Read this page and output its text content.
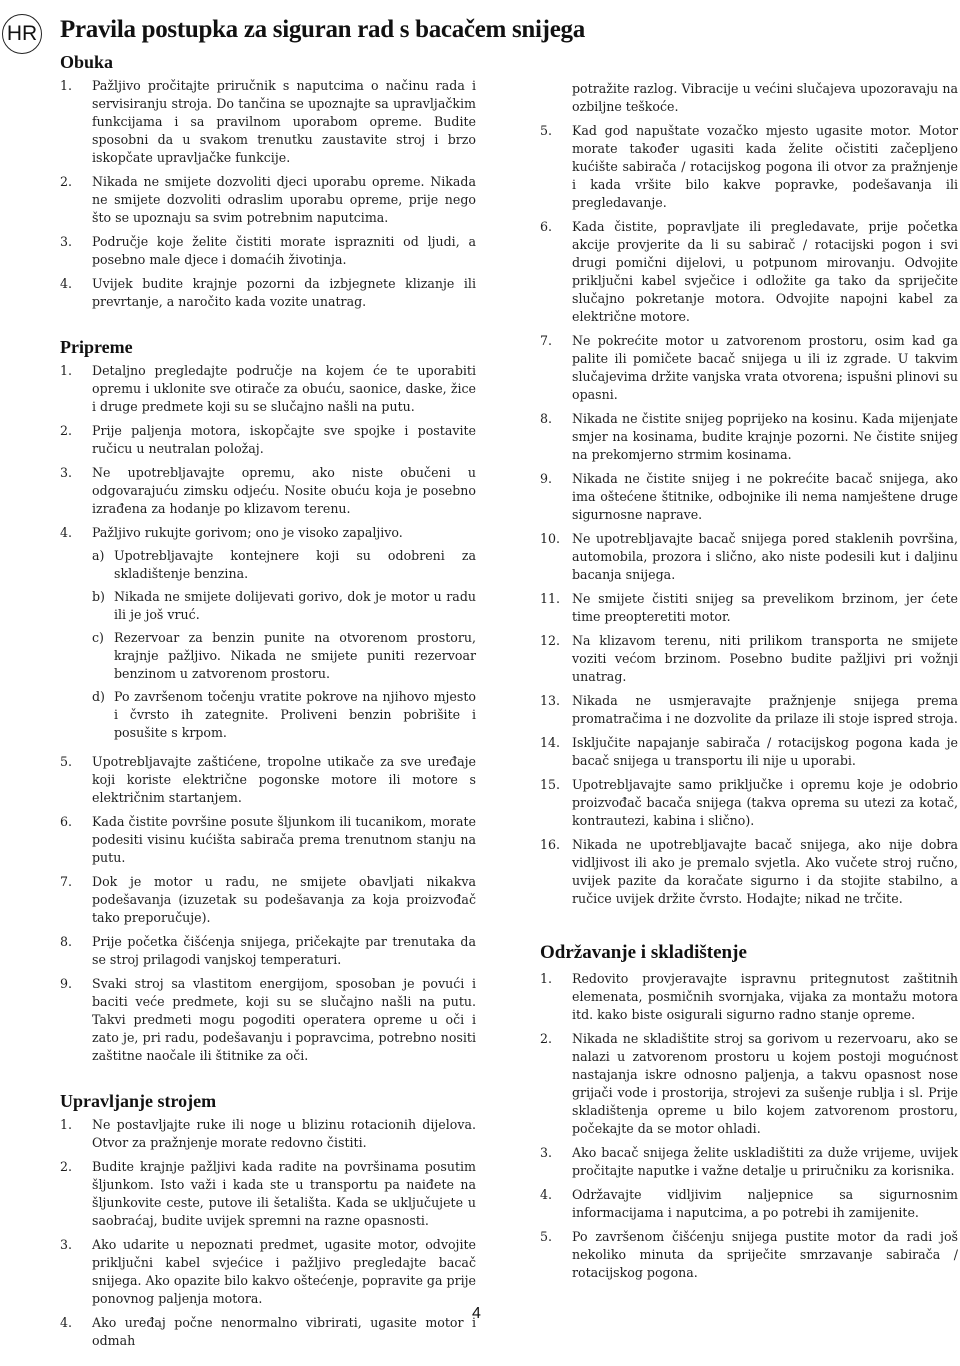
HR Pravila postupka za siguran rad s bacačem snijega
Obuka
1.	Pažljivo pročitajte priručnik s naputcima o načinu rada i servisiranju stroja. Do tančina se upoznajte sa upravljačkim funkcijama i sa pravilnom uporabom opreme. Budite sposobni da u svakom trenutku zaustavite stroj i brzo iskopčate upravljačke funkcije.
2.	Nikada ne smijete dozvoliti djeci uporabu opreme. Nikada ne smijete dozvoliti odraslim uporabu opreme, prije nego što se upoznaju sa svim potrebnim naputcima.
3.	Područje koje želite čistiti morate isprazniti od ljudi, a posebno male djece i domaćih životinja.
4.	Uvijek budite krajnje pozorni da izbjegnete klizanje ili prevrtanje, a naročito kada vozite unatrag.
Pripreme
1.	Detaljno pregledajte područje na kojem će te uporabiti opremu i uklonite sve otirače za obuću, saonice, daske, žice i druge predmete koji su se slučajno našli na putu.
2.	Prije paljenja motora, iskopčajte sve spojke i postavite ručicu u neutralan položaj.
3.	Ne upotrebljavajte opremu, ako niste obučeni u odgovarajuću zimsku odjeću. Nosite obuću koja je posebno izrađena za hodanje po klizavom terenu.
4.	Pažljivo rukujte gorivom; ono je visoko zapaljivo.
a) Upotrebljavajte kontejnere koji su odobreni za skladištenje benzina.
b) Nikada ne smijete dolijevati gorivo, dok je motor u radu ili je još vruć.
c) Rezervoar za benzin punite na otvorenom prostoru, krajnje pažljivo. Nikada ne smijete puniti rezervoar benzinom u zatvorenom prostoru.
d) Po završenom točenju vratite pokrove na njihovo mjesto i čvrsto ih zategnite. Proliveni benzin pobrišite i posušite s krpom.
5.	Upotrebljavajte zaštićene, tropolne utikače za sve uređaje koji koriste električne pogonske motore ili motore s električnim startanjem.
6.	Kada čistite površine posute šljunkom ili tucanikom, morate podesiti visinu kućišta sabirača prema trenutnom stanju na putu.
7.	Dok je motor u radu, ne smijete obavljati nikakva podešavanja (izuzetak su podešavanja za koja proizvođač tako preporučuje).
8.	Prije početka čišćenja snijega, pričekajte par trenutaka da se stroj prilagodi vanjskoj temperaturi.
9.	Svaki stroj sa vlastitom energijom, sposoban je povući i baciti veće predmete, koji su se slučajno našli na putu. Takvi predmeti mogu pogoditi operatera opreme u oči i zato je, pri radu, podešavanju i popravcima, potrebno nositi zaštitne naočale ili štitnike za oči.
Upravljanje strojem
1.	Ne postavljajte ruke ili noge u blizinu rotacionih dijelova. Otvor za pražnjenje morate redovno čistiti.
2.	Budite krajnje pažljivi kada radite na površinama posutim šljunkom. Isto važi i kada ste u transportu pa naiđete na šljunkovite ceste, putove ili šetališta. Kada se uključujete u saobraćaj, budite uvijek spremni na razne opasnosti.
3.	Ako udarite u nepoznati predmet, ugasite motor, odvojite priključni kabel svjećice i pažljivo pregledajte bacač snijega. Ako opazite bilo kakvo oštećenje, popravite ga prije ponovnog paljenja motora.
4.	Ako uređaj počne nenormalno vibrirati, ugasite motor i odmah
potražite razlog. Vibracije u većini slučajeva upozoravaju na ozbiljne teškoće.
5.	Kad god napuštate vozačko mjesto ugasite motor. Motor morate također ugasiti kada želite očistiti začepljeno kućište sabirača / rotacijskog pogona ili otvor za pražnjenje i kada vršite bilo kakve popravke, podešavanja ili pregledavanje.
6.	Kada čistite, popravljate ili pregledavate, prije početka akcije provjerite da li su sabirač / rotacijski pogon i svi drugi pomični dijelovi, u potpunom mirovanju. Odvojite priključni kabel svječice i odložite ga tako da spriječite slučajno pokretanje motora. Odvojite napojni kabel za električne motore.
7.	Ne pokrećite motor u zatvorenom prostoru, osim kad ga palite ili pomičete bacač snijega u ili iz zgrade. U takvim slučajevima držite vanjska vrata otvorena; ispušni plinovi su opasni.
8.	Nikada ne čistite snijeg poprijeko na kosinu. Kada mijenjate smjer na kosinama, budite krajnje pozorni. Ne čistite snijeg na prekomjerno strmim kosinama.
9.	Nikada ne čistite snijeg i ne pokrećite bacač snijega, ako ima oštećene štitnike, odbojnike ili nema namještene druge sigurnosne naprave.
10. Ne upotrebljavajte bacač snijega pored staklenih površina, automobila, prozora i slično, ako niste podesili kut i daljinu bacanja snijega.
11. Ne smijete čistiti snijeg sa prevelikom brzinom, jer ćete time preopteretiti motor.
12. Na klizavom terenu, niti prilikom transporta ne smijete voziti većom brzinom. Posebno budite pažljivi pri vožnji unatrag.
13. Nikada ne usmjeravajte pražnjenje snijega prema promatračima i ne dozvolite da prilaze ili stoje ispred stroja.
14. Isključite napajanje sabirača / rotacijskog pogona kada je bacač snijega u transportu ili nije u uporabi.
15. Upotrebljavajte samo priključke i opremu koje je odobrio proizvođač bacača snijega (takva oprema su utezi za kotač, kontrautezi, kabina i slično).
16. Nikada ne upotrebljavajte bacač snijega, ako nije dobra vidljivost ili ako je premalo svjetla. Ako vučete stroj ručno, uvijek pazite da koračate sigurno i da stojite stabilno, a ručice uvijek držite čvrsto. Hodajte; nikad ne trčite.
Održavanje i skladištenje
1.	Redovito provjeravajte ispravnu pritegnutost zaštitnih elemenata, posmičnih svornjaka, vijaka za montažu motora itd. kako biste osigurali sigurno radno stanje opreme.
2.	Nikada ne skladištite stroj sa gorivom u rezervoaru, ako se nalazi u zatvorenom prostoru u kojem postoji mogućnost nastajanja iskre odnosno paljenja, a takvu opasnost nose grijači vode i prostorija, strojevi za sušenje rublja i sl. Prije skladištenja opreme u bilo kojem zatvorenom prostoru, počekajte da se motor ohladi.
3.	Ako bacač snijega želite uskladištiti za duže vrijeme, uvijek pročitajte naputke i važne detalje u priručniku za korisnika.
4.	Održavajte vidljivim naljepnice sa sigurnosnim informacijama i naputcima, a po potrebi ih zamijenite.
5.	Po završenom čišćenju snijega pustite motor da radi još nekoliko minuta da spriječite smrzavanje sabirača / rotacijskog pogona.
4
